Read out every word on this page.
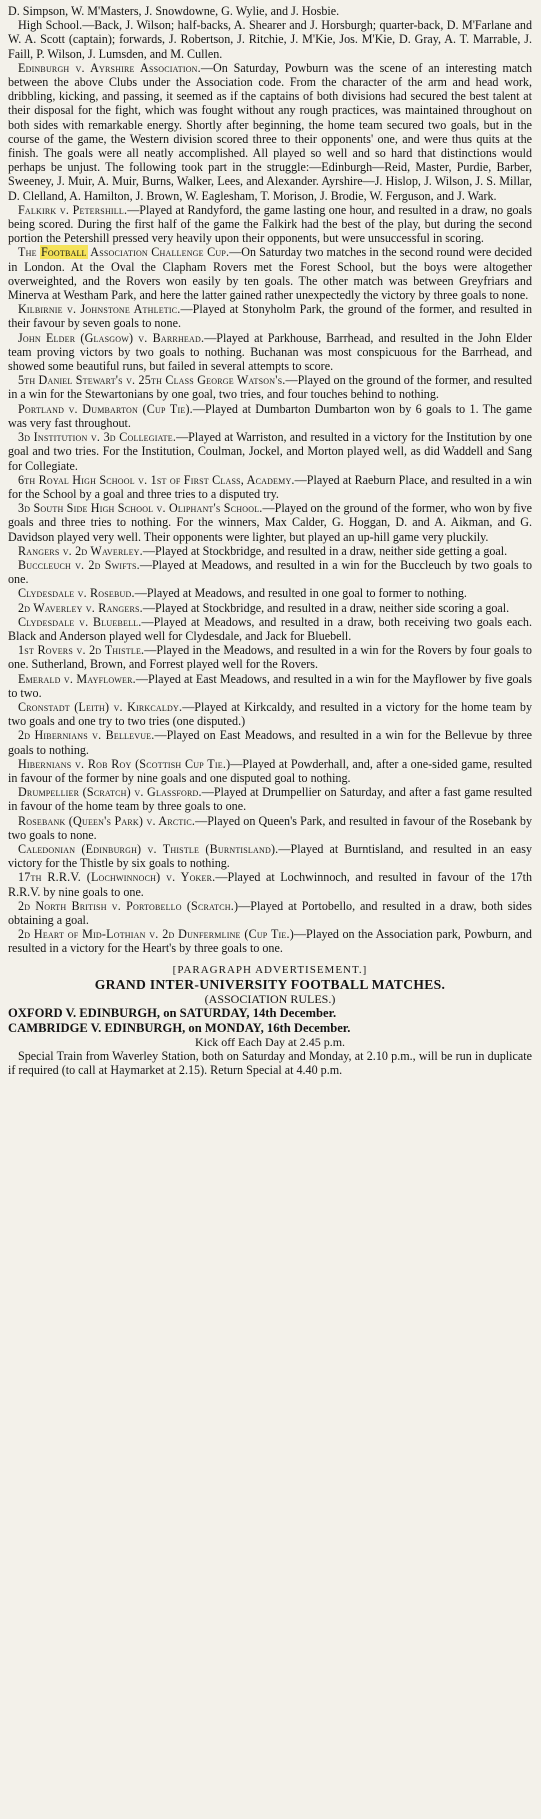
D. Simpson, W. M'Masters, J. Snowdowne, G. Wylie, and J. Hosbie.

High School.—Back, J. Wilson; half-backs, A. Shearer and J. Horsburgh; quarter-back, D. M'Farlane and W. A. Scott (captain); forwards, J. Robertson, J. Ritchie, J. M'Kie, Jos. M'Kie, D. Gray, A. T. Marrable, J. Faill, P. Wilson, J. Lumsden, and M. Cullen.

Edinburgh v. Ayrshire Association.—On Saturday, Powburn was the scene of an interesting match between the above Clubs under the Association code. From the character of the arm and head work, dribbling, kicking, and passing, it seemed as if the captains of both divisions had secured the best talent at their disposal for the fight, which was fought without any rough practices, was maintained throughout on both sides with remarkable energy. Shortly after beginning, the home team secured two goals, but in the course of the game, the Western division scored three to their opponents' one, and were thus quits at the finish. The goals were all neatly accomplished. All played so well and so hard that distinctions would perhaps be unjust. The following took part in the struggle:—Edinburgh—Reid, Master, Purdie, Barber, Sweeney, J. Muir, A. Muir, Burns, Walker, Lees, and Alexander. Ayrshire—J. Hislop, J. Wilson, J. S. Millar, D. Clelland, A. Hamilton, J. Brown, W. Eaglesham, T. Morison, J. Brodie, W. Ferguson, and J. Wark.

Falkirk v. Petershill.—Played at Randyford, the game lasting one hour, and resulted in a draw, no goals being scored. During the first half of the game the Falkirk had the best of the play, but during the second portion the Petershill pressed very heavily upon their opponents, but were unsuccessful in scoring.

The Football Association Challenge Cup.—On Saturday two matches in the second round were decided in London. At the Oval the Clapham Rovers met the Forest School, but the boys were altogether overweighted, and the Rovers won easily by ten goals. The other match was between Greyfriars and Minerva at Westham Park, and here the latter gained rather unexpectedly the victory by three goals to none.

Kilbirnie v. Johnstone Athletic.—Played at Stonyholm Park, the ground of the former, and resulted in their favour by seven goals to none.

John Elder (Glasgow) v. Barrhead.—Played at Parkhouse, Barrhead, and resulted in the John Elder team proving victors by two goals to nothing. Buchanan was most conspicuous for the Barrhead, and showed some beautiful runs, but failed in several attempts to score.

5th Daniel Stewart's v. 25th Class George Watson's.—Played on the ground of the former, and resulted in a win for the Stewartonians by one goal, two tries, and four touches behind to nothing.

Portland v. Dumbarton (Cup Tie).—Played at Dumbarton Dumbarton won by 6 goals to 1. The game was very fast throughout.

3d Institution v. 3d Collegiate.—Played at Warriston, and resulted in a victory for the Institution by one goal and two tries. For the Institution, Coulman, Jockel, and Morton played well, as did Waddell and Sang for Collegiate.

6th Royal High School v. 1st of First Class, Academy.—Played at Raeburn Place, and resulted in a win for the School by a goal and three tries to a disputed try.

3d South Side High School v. Oliphant's School.—Played on the ground of the former, who won by five goals and three tries to nothing. For the winners, Max Calder, G. Hoggan, D. and A. Aikman, and G. Davidson played very well. Their opponents were lighter, but played an up-hill game very pluckily.

Rangers v. 2d Waverley.—Played at Stockbridge, and resulted in a draw, neither side getting a goal.

Buccleuch v. 2d Swifts.—Played at Meadows, and resulted in a win for the Buccleuch by two goals to one.

Clydesdale v. Rosebud.—Played at Meadows, and resulted in one goal to former to nothing.

2d Waverley v. Rangers.—Played at Stockbridge, and resulted in a draw, neither side scoring a goal.

Clydesdale v. Bluebell.—Played at Meadows, and resulted in a draw, both receiving two goals each. Black and Anderson played well for Clydesdale, and Jack for Bluebell.

1st Rovers v. 2d Thistle.—Played in the Meadows, and resulted in a win for the Rovers by four goals to one. Sutherland, Brown, and Forrest played well for the Rovers.

Emerald v. Mayflower.—Played at East Meadows, and resulted in a win for the Mayflower by five goals to two.

Cronstadt (Leith) v. Kirkcaldy.—Played at Kirkcaldy, and resulted in a victory for the home team by two goals and one try to two tries (one disputed.)

2d Hibernians v. Bellevue.—Played on East Meadows, and resulted in a win for the Bellevue by three goals to nothing.

Hibernians v. Rob Roy (Scottish Cup Tie.)—Played at Powderhall, and, after a one-sided game, resulted in favour of the former by nine goals and one disputed goal to nothing.

Drumpellier (Scratch) v. Glassford.—Played at Drumpellier on Saturday, and after a fast game resulted in favour of the home team by three goals to one.

Rosebank (Queen's Park) v. Arctic.—Played on Queen's Park, and resulted in favour of the Rosebank by two goals to none.

Caledonian (Edinburgh) v. Thistle (Burntisland).—Played at Burntisland, and resulted in an easy victory for the Thistle by six goals to nothing.

17th R.R.V. (Lochwinnoch) v. Yoker.—Played at Lochwinnoch, and resulted in favour of the 17th R.R.V. by nine goals to one.

2d North British v. Portobello (Scratch.)—Played at Portobello, and resulted in a draw, both sides obtaining a goal.

2d Heart of Mid-Lothian v. 2d Dunfermline (Cup Tie.)—Played on the Association park, Powburn, and resulted in a victory for the Heart's by three goals to one.

[PARAGRAPH ADVERTISEMENT.]

GRAND INTER-UNIVERSITY FOOTBALL MATCHES.

(ASSOCIATION RULES.)

OXFORD V. EDINBURGH, on SATURDAY, 14th December.

CAMBRIDGE V. EDINBURGH, on MONDAY, 16th December.

Kick off Each Day at 2.45 p.m.

Special Train from Waverley Station, both on Saturday and Monday, at 2.10 p.m., will be run in duplicate if required (to call at Haymarket at 2.15). Return Special at 4.40 p.m.
